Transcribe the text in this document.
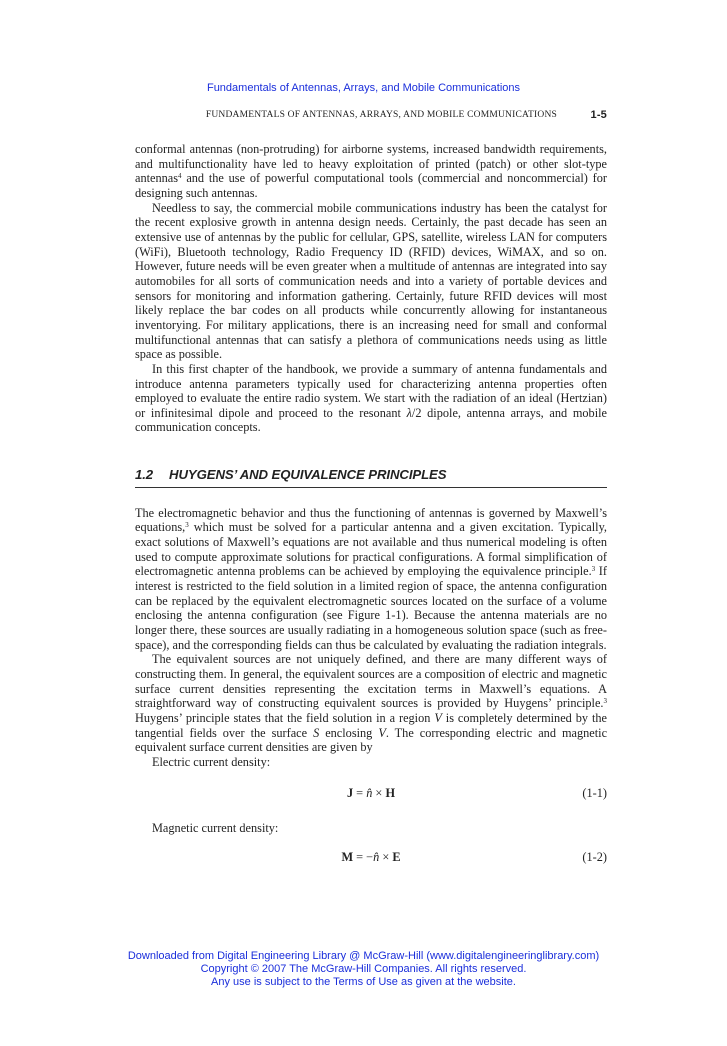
Fundamentals of Antennas, Arrays, and Mobile Communications
FUNDAMENTALS OF ANTENNAS, ARRAYS, AND MOBILE COMMUNICATIONS	1-5

conformal antennas (non-protruding) for airborne systems, increased bandwidth requirements, and multifunctionality have led to heavy exploitation of printed (patch) or other slot-type antennas$^4$ and the use of powerful computational tools (commercial and noncommercial) for designing such antennas.

Needless to say, the commercial mobile communications industry has been the catalyst for the recent explosive growth in antenna design needs. Certainly, the past decade has seen an extensive use of antennas by the public for cellular, GPS, satellite, wireless LAN for computers (WiFi), Bluetooth technology, Radio Frequency ID (RFID) devices, WiMAX, and so on. However, future needs will be even greater when a multitude of antennas are integrated into say automobiles for all sorts of communication needs and into a variety of portable devices and sensors for monitoring and information gathering. Certainly, future RFID devices will most likely replace the bar codes on all products while concurrently allowing for instantaneous inventorying. For military applications, there is an increasing need for small and conformal multifunctional antennas that can satisfy a plethora of communications needs using as little space as possible.

In this first chapter of the handbook, we provide a summary of antenna fundamentals and introduce antenna parameters typically used for characterizing antenna properties often employed to evaluate the entire radio system. We start with the radiation of an ideal (Hertzian) or infinitesimal dipole and proceed to the resonant λ/2 dipole, antenna arrays, and mobile communication concepts.

1.2 HUYGENS’ AND EQUIVALENCE PRINCIPLES

The electromagnetic behavior and thus the functioning of antennas is governed by Maxwell’s equations,$^3$ which must be solved for a particular antenna and a given excitation. Typically, exact solutions of Maxwell’s equations are not available and thus numerical modeling is often used to compute approximate solutions for practical configurations. A formal simplification of electromagnetic antenna problems can be achieved by employing the equivalence principle.$^3$ If interest is restricted to the field solution in a limited region of space, the antenna configuration can be replaced by the equivalent electromagnetic sources located on the surface of a volume enclosing the antenna configuration (see Figure 1-1). Because the antenna materials are no longer there, these sources are usually radiating in a homogeneous solution space (such as free-space), and the corresponding fields can thus be calculated by evaluating the radiation integrals.

The equivalent sources are not uniquely defined, and there are many different ways of constructing them. In general, the equivalent sources are a composition of electric and magnetic surface current densities representing the excitation terms in Maxwell’s equations. A straightforward way of constructing equivalent sources is provided by Huygens’ principle.$^3$ Huygens’ principle states that the field solution in a region V is completely determined by the tangential fields over the surface S enclosing V. The corresponding electric and magnetic equivalent surface current densities are given by

Electric current density:

J = n̂ × H	(1-1)

Magnetic current density:

M = −n̂ × E	(1-2)
Downloaded from Digital Engineering Library @ McGraw-Hill (www.digitalengineeringlibrary.com)
Copyright © 2007 The McGraw-Hill Companies. All rights reserved.
Any use is subject to the Terms of Use as given at the website.
